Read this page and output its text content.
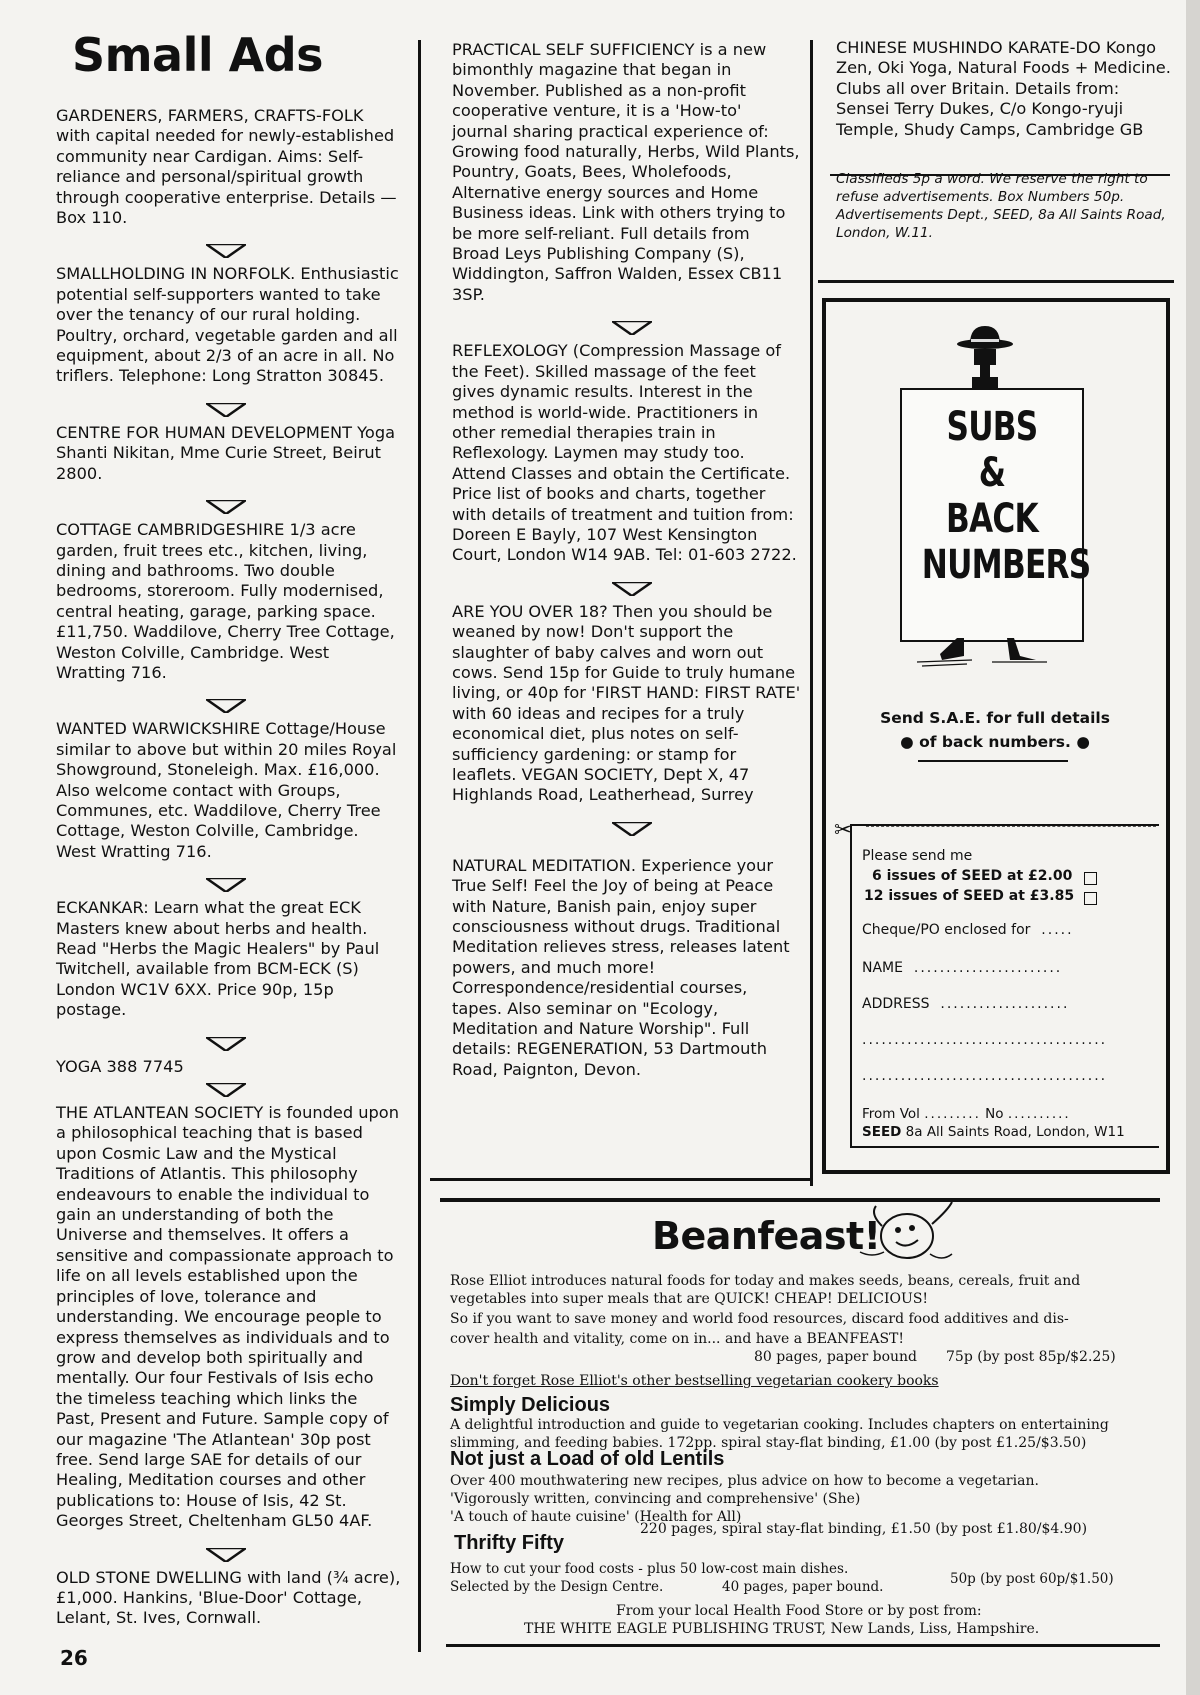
Small Ads

GARDENERS, FARMERS, CRAFTS-FOLK with capital needed for newly-established community near Cardigan. Aims: Self-reliance and personal/spiritual growth through cooperative enterprise. Details — Box 110.

SMALLHOLDING IN NORFOLK. Enthusiastic potential self-supporters wanted to take over the tenancy of our rural holding. Poultry, orchard, vegetable garden and all equipment, about 2/3 of an acre in all. No triflers. Telephone: Long Stratton 30845.

CENTRE FOR HUMAN DEVELOPMENT Yoga Shanti Nikitan, Mme Curie Street, Beirut 2800.

COTTAGE CAMBRIDGESHIRE 1/3 acre garden, fruit trees etc., kitchen, living, dining and bathrooms. Two double bedrooms, storeroom. Fully modernised, central heating, garage, parking space. £11,750. Waddilove, Cherry Tree Cottage, Weston Colville, Cambridge. West Wratting 716.

WANTED WARWICKSHIRE Cottage/House similar to above but within 20 miles Royal Showground, Stoneleigh. Max. £16,000. Also welcome contact with Groups, Communes, etc. Waddilove, Cherry Tree Cottage, Weston Colville, Cambridge. West Wratting 716.

ECKANKAR: Learn what the great ECK Masters knew about herbs and health. Read "Herbs the Magic Healers" by Paul Twitchell, available from BCM-ECK (S) London WC1V 6XX. Price 90p, 15p postage.

YOGA 388 7745

THE ATLANTEAN SOCIETY is founded upon a philosophical teaching that is based upon Cosmic Law and the Mystical Traditions of Atlantis. This philosophy endeavours to enable the individual to gain an understanding of both the Universe and themselves. It offers a sensitive and compassionate approach to life on all levels established upon the principles of love, tolerance and understanding. We encourage people to express themselves as individuals and to grow and develop both spiritually and mentally. Our four Festivals of Isis echo the timeless teaching which links the Past, Present and Future. Sample copy of our magazine 'The Atlantean' 30p post free. Send large SAE for details of our Healing, Meditation courses and other publications to: House of Isis, 42 St. Georges Street, Cheltenham GL50 4AF.

OLD STONE DWELLING with land (¾ acre), £1,000. Hankins, 'Blue-Door' Cottage, Lelant, St. Ives, Cornwall.

PRACTICAL SELF SUFFICIENCY is a new bimonthly magazine that began in November. Published as a non-profit cooperative venture, it is a 'How-to' journal sharing practical experience of: Growing food naturally, Herbs, Wild Plants, Pountry, Goats, Bees, Wholefoods, Alternative energy sources and Home Business ideas. Link with others trying to be more self-reliant. Full details from Broad Leys Publishing Company (S), Widdington, Saffron Walden, Essex CB11 3SP.

REFLEXOLOGY (Compression Massage of the Feet). Skilled massage of the feet gives dynamic results. Interest in the method is world-wide. Practitioners in other remedial therapies train in Reflexology. Laymen may study too. Attend Classes and obtain the Certificate. Price list of books and charts, together with details of treatment and tuition from: Doreen E Bayly, 107 West Kensington Court, London W14 9AB. Tel: 01-603 2722.

ARE YOU OVER 18? Then you should be weaned by now! Don't support the slaughter of baby calves and worn out cows. Send 15p for Guide to truly humane living, or 40p for 'FIRST HAND: FIRST RATE' with 60 ideas and recipes for a truly economical diet, plus notes on self-sufficiency gardening: or stamp for leaflets. VEGAN SOCIETY, Dept X, 47 Highlands Road, Leatherhead, Surrey

NATURAL MEDITATION. Experience your True Self! Feel the Joy of being at Peace with Nature, Banish pain, enjoy super consciousness without drugs. Traditional Meditation relieves stress, releases latent powers, and much more! Correspondence/residential courses, tapes. Also seminar on "Ecology, Meditation and Nature Worship". Full details: REGENERATION, 53 Dartmouth Road, Paignton, Devon.

CHINESE MUSHINDO KARATE-DO Kongo Zen, Oki Yoga, Natural Foods + Medicine. Clubs all over Britain. Details from: Sensei Terry Dukes, C/o Kongo-ryuji Temple, Shudy Camps, Cambridge GB

Classifieds 5p a word. We reserve the right to refuse advertisements. Box Numbers 50p. Advertisements Dept., SEED, 8a All Saints Road, London, W.11.

SUBS
&
BACK
NUMBERS
Send S.A.E. for full details
● of back numbers. ●
✂
Please send me
6 issues of SEED at £2.00
12 issues of SEED at £3.85
Cheque/PO enclosed for  .....
NAME  .......................
ADDRESS  ....................
......................................
......................................
From Vol ......... No ..........
SEED 8a All Saints Road, London, W11
Beanfeast!
Rose Elliot introduces natural foods for today and makes seeds, beans, cereals, fruit and
vegetables into super meals that are QUICK! CHEAP! DELICIOUS!
So if you want to save money and world food resources, discard food additives and dis-
cover health and vitality, come on in... and have a BEANFEAST!
80 pages, paper bound 75p (by post 85p/$2.25)
Don't forget Rose Elliot's other bestselling vegetarian cookery books
Simply Delicious
A delightful introduction and guide to vegetarian cooking. Includes chapters on entertaining
slimming, and feeding babies. 172pp. spiral stay-flat binding, £1.00 (by post £1.25/$3.50)
Not just a Load of old Lentils
Over 400 mouthwatering new recipes, plus advice on how to become a vegetarian.
'Vigorously written, convincing and comprehensive' (She)
'A touch of haute cuisine' (Health for All)
220 pages, spiral stay-flat binding, £1.50 (by post £1.80/$4.90)
Thrifty Fifty
How to cut your food costs - plus 50 low-cost main dishes.
Selected by the Design Centre.	40 pages, paper bound.	50p (by post 60p/$1.50)
From your local Health Food Store or by post from:
THE WHITE EAGLE PUBLISHING TRUST, New Lands, Liss, Hampshire.
26
